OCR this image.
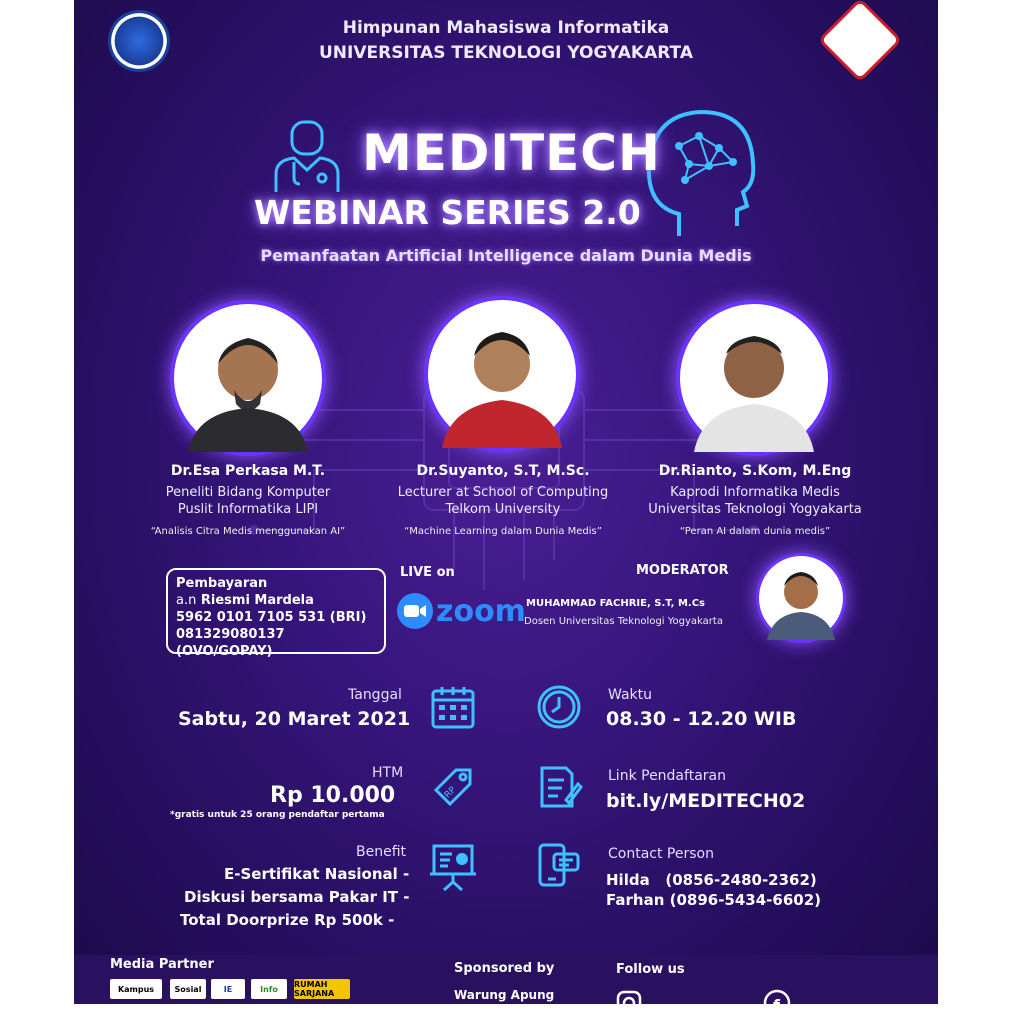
Himpunan Mahasiswa Informatika
UNIVERSITAS TEKNOLOGI YOGYAKARTA
MEDITECH
WEBINAR SERIES 2.0
Pemanfaatan Artificial Intelligence dalam Dunia Medis
Dr.Esa Perkasa M.T.
Peneliti Bidang Komputer
Puslit Informatika LIPI
“Analisis Citra Medis menggunakan AI”
Dr.Suyanto, S.T, M.Sc.
Lecturer at School of Computing
Telkom University
“Machine Learning dalam Dunia Medis”
Dr.Rianto, S.Kom, M.Eng
Kaprodi Informatika Medis
Universitas Teknologi Yogyakarta
“Peran AI dalam dunia medis”
Pembayaran
a.n Riesmi Mardela
5962 0101 7105 531 (BRI)
081329080137 (OVO/GOPAY)
LIVE on
zoom
MODERATOR
MUHAMMAD FACHRIE, S.T, M.Cs
Dosen Universitas Teknologi Yogyakarta
Tanggal
Sabtu, 20 Maret 2021
Waktu
08.30 - 12.20 WIB
HTM
Rp 10.000
*gratis untuk 25 orang pendaftar pertama
RP
Link Pendaftaran
bit.ly/MEDITECH02
Benefit
E-Sertifikat Nasional -
Diskusi bersama Pakar IT -
Total Doorprize Rp 500k -
Contact Person
Hilda   (0856-2480-2362)
Farhan (0896-5434-6602)
Media Partner
Kampus	Sosial	IE	Info	RUMAH SARJANA
Sponsored by
Warung Apung
Follow us
f
